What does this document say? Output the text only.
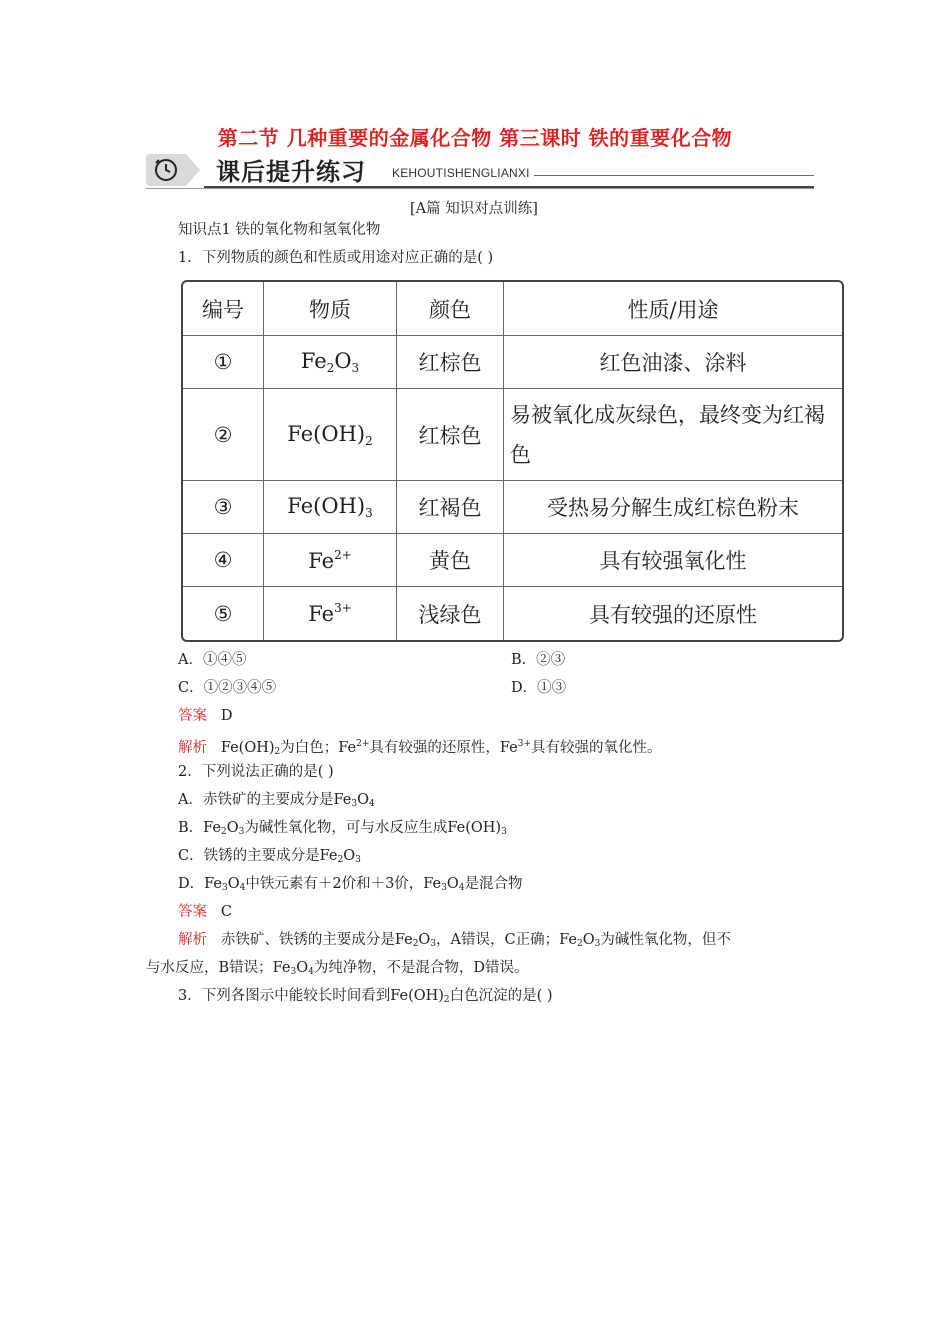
第二节 几种重要的金属化合物 第三课时 铁的重要化合物
课后提升练习 KEHOUTISHENGLIANXI
[A篇 知识对点训练]
知识点1 铁的氧化物和氢氧化物
1．下列物质的颜色和性质或用途对应正确的是( )
编号	物质	颜色	性质/用途
①	Fe2O3	红棕色	红色油漆、涂料
②	Fe(OH)2	红棕色	易被氧化成灰绿色，最终变为红褐色
③	Fe(OH)3	红褐色	受热易分解生成红棕色粉末
④	$Fe^{2+}$	黄色	具有较强氧化性
⑤	$Fe^{3+}$	浅绿色	具有较强的还原性
A．①④⑤	B．②③
C．①②③④⑤	D．①③
答案 D
解析 $Fe(OH)_2$为白色；$Fe^{2+}$具有较强的还原性，$Fe^{3+}$具有较强的氧化性。
2．下列说法正确的是( )
A．赤铁矿的主要成分是$Fe_3O_4$
B．$Fe_2O_3$为碱性氧化物，可与水反应生成$Fe(OH)_3$
C．铁锈的主要成分是$Fe_2O_3$
D．$Fe_3O_4$中铁元素有＋2价和＋3价，$Fe_3O_4$是混合物
答案 C
解析 赤铁矿、铁锈的主要成分是$Fe_2O_3$，A错误，C正确；$Fe_2O_3$为碱性氧化物，但不
与水反应，B错误；$Fe_3O_4$为纯净物，不是混合物，D错误。
3．下列各图示中能较长时间看到$Fe(OH)_2$白色沉淀的是( )
